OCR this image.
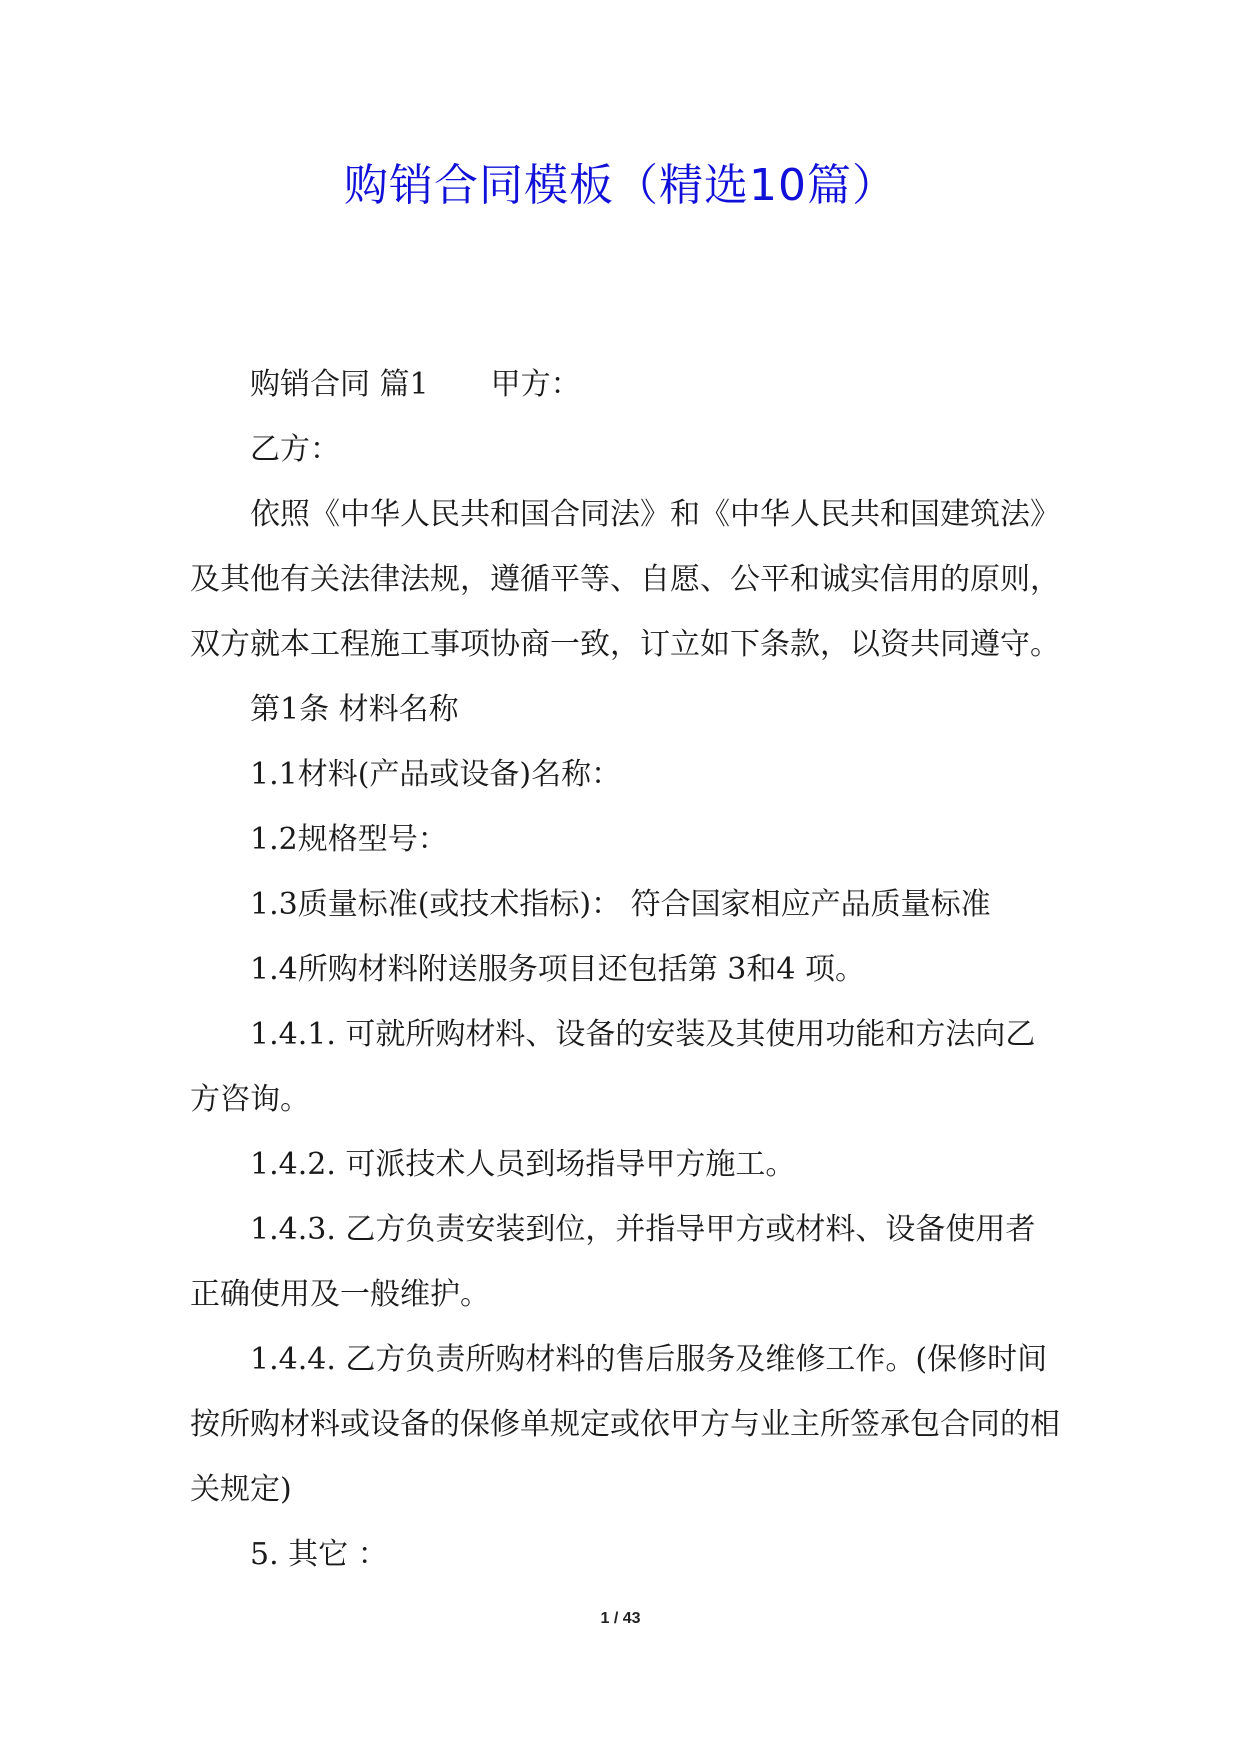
购销合同模板（精选10篇）

购销合同 篇1 甲方：

乙方：

依照《中华人民共和国合同法》和《中华人民共和国建筑法》及其他有关法律法规，遵循平等、自愿、公平和诚实信用的原则，双方就本工程施工事项协商一致，订立如下条款，以资共同遵守。

第1条 材料名称

1.1材料(产品或设备)名称：

1.2规格型号：

1.3质量标准(或技术指标)： 符合国家相应产品质量标准

1.4所购材料附送服务项目还包括第 3和4 项。

1.4.1. 可就所购材料、设备的安装及其使用功能和方法向乙方咨询。

1.4.2. 可派技术人员到场指导甲方施工。

1.4.3. 乙方负责安装到位，并指导甲方或材料、设备使用者正确使用及一般维护。

1.4.4. 乙方负责所购材料的售后服务及维修工作。(保修时间按所购材料或设备的保修单规定或依甲方与业主所签承包合同的相关规定)

5. 其它 ：

1 / 43
